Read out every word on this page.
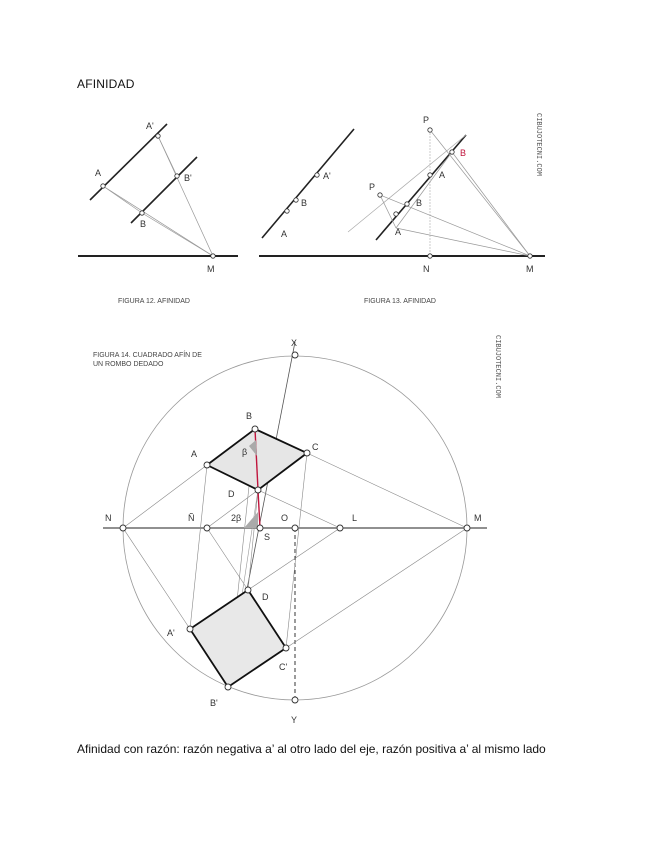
AFINIDAD
A'
A	B'
B
M
FIGURA 12. AFINIDAD
A'
B
A
P
B
A
P
B
A
N	M
FIGURA 13. AFINIDAD
CIBUJOTECNI.COM
FIGURA 14. CUADRADO AFÍN DE
UN ROMBO DEDADO	CIBUJOTECNI.COM
X
B
A
C
β
D
N	Ñ	2β	O	L	M
S
D
A'
C'
B'
Y
Afinidad con razón: razón negativa a’ al otro lado del eje, razón positiva a’ al mismo lado
